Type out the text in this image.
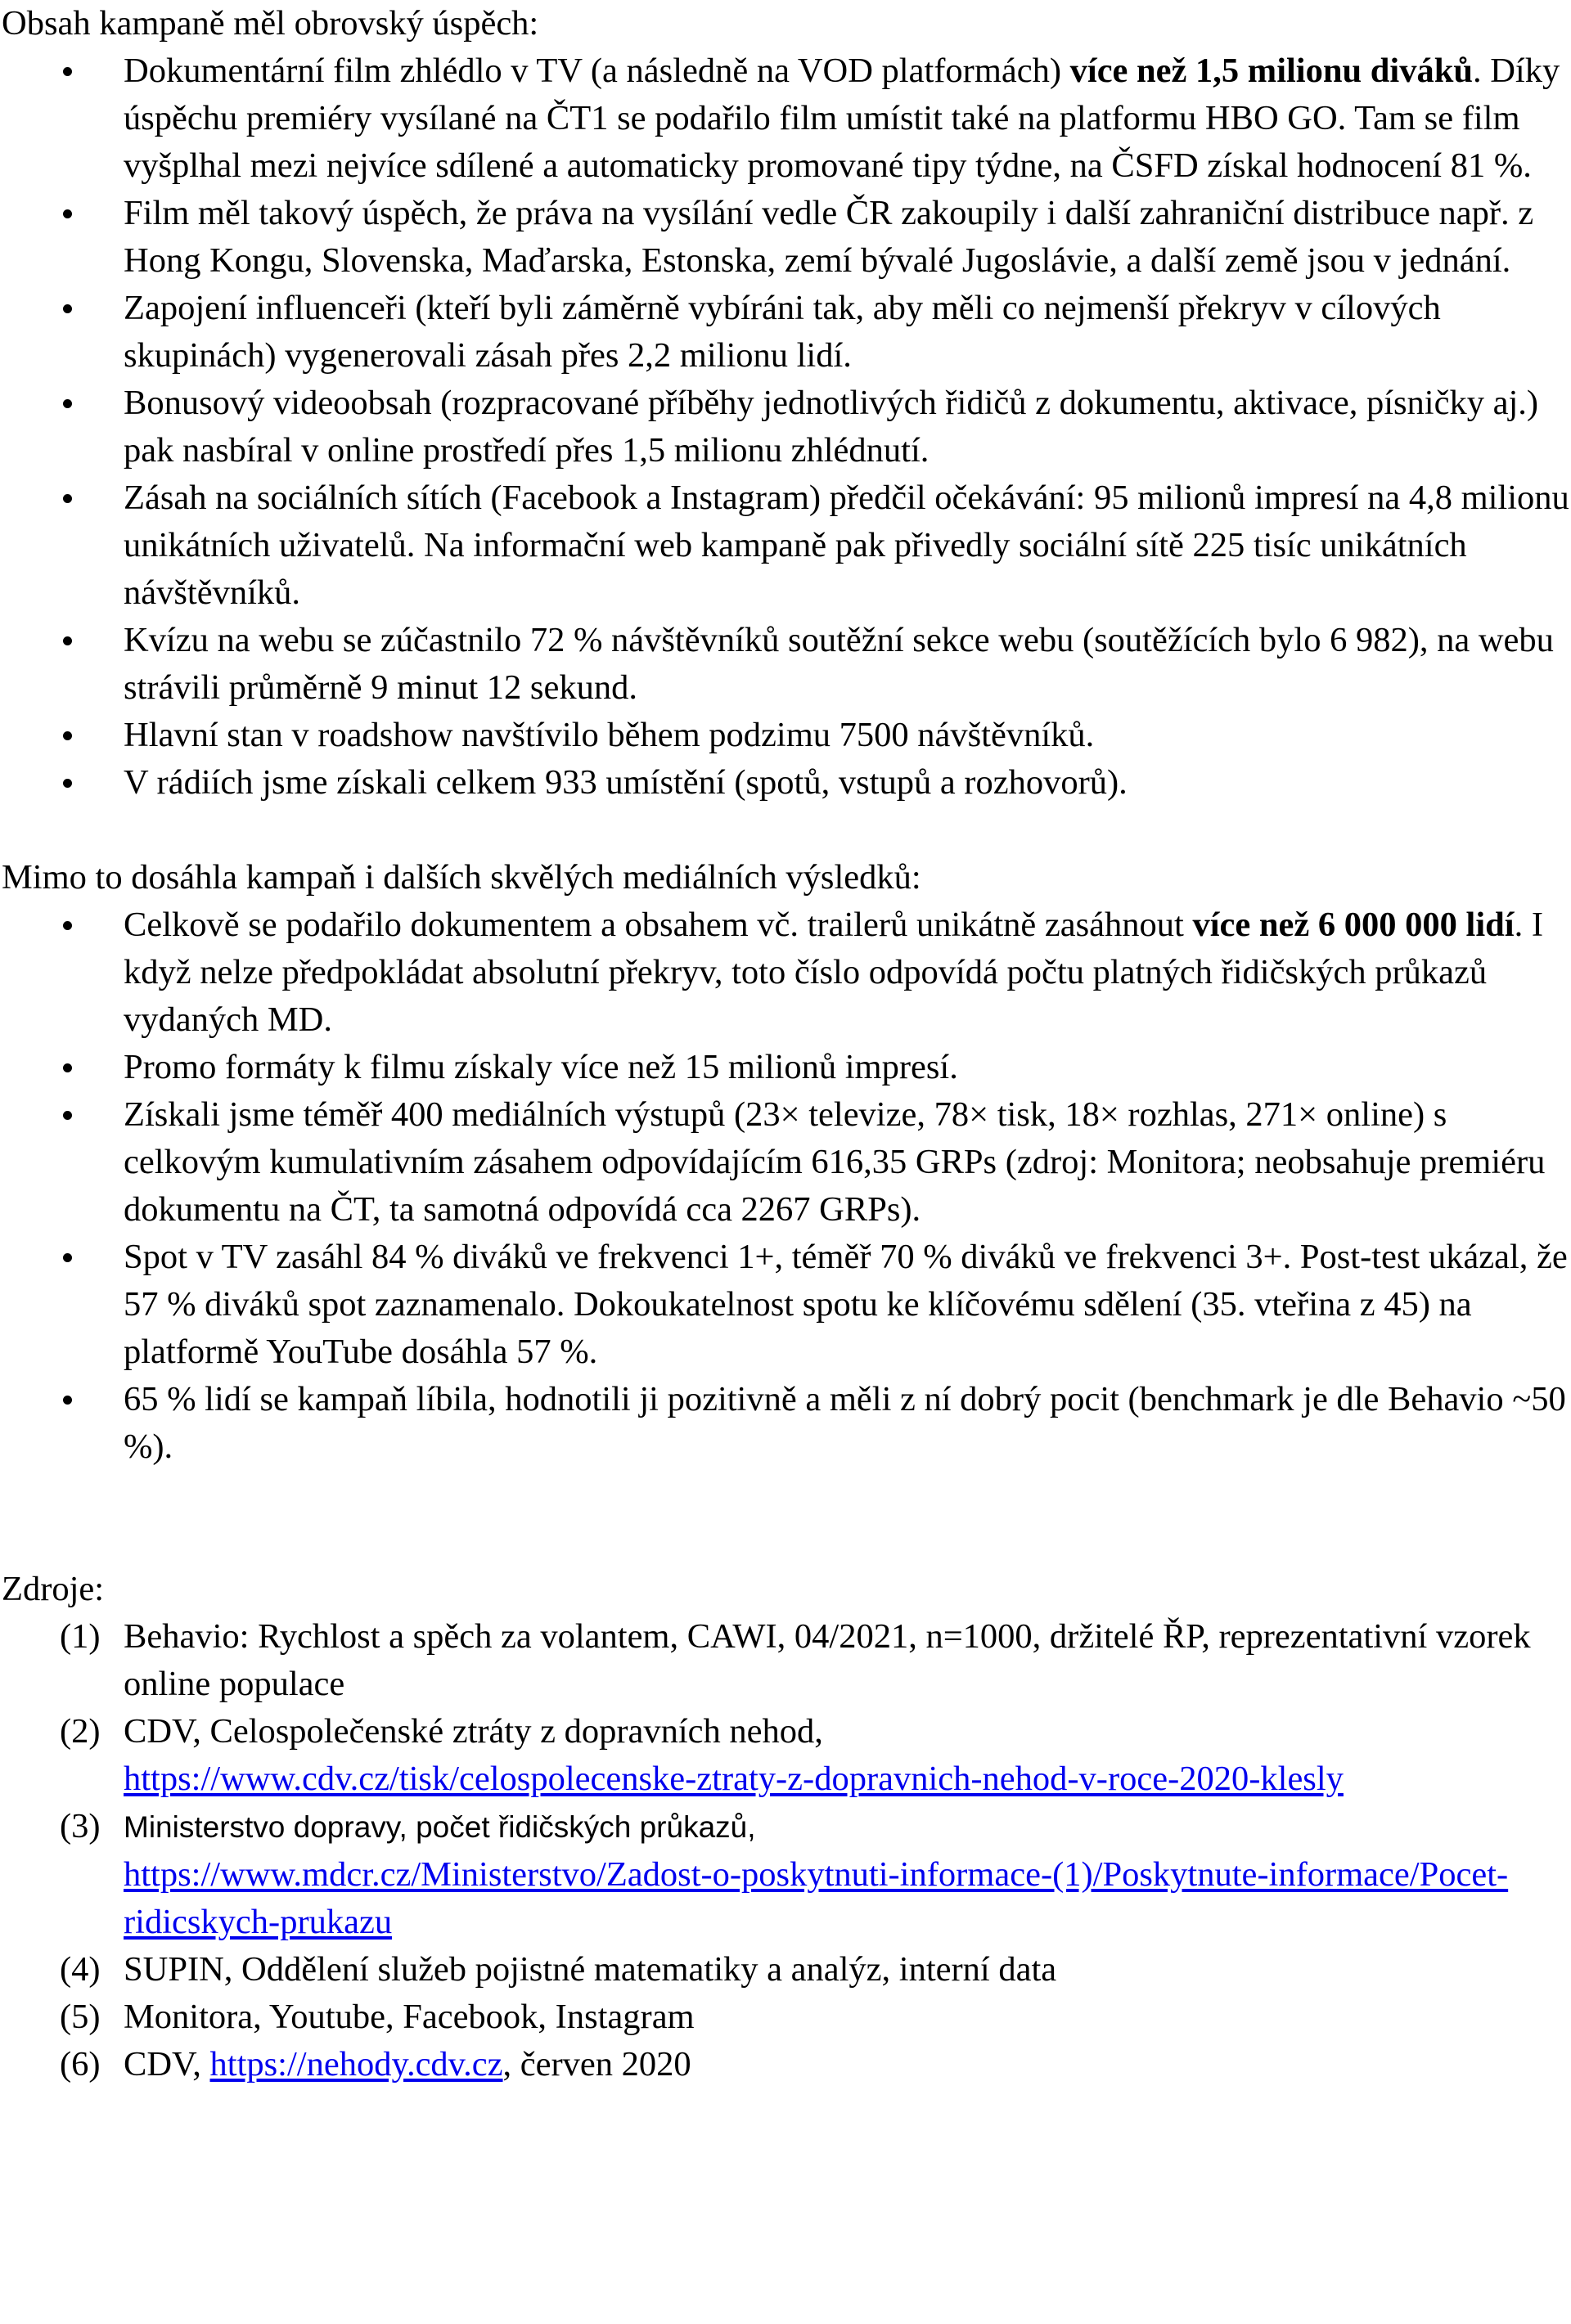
Obsah kampaně měl obrovský úspěch:

Dokumentární film zhlédlo v TV (a následně na VOD platformách) více než 1,5 milionu diváků. Díky úspěchu premiéry vysílané na ČT1 se podařilo film umístit také na platformu HBO GO. Tam se film vyšplhal mezi nejvíce sdílené a automaticky promované tipy týdne, na ČSFD získal hodnocení 81 %.
Film měl takový úspěch, že práva na vysílání vedle ČR zakoupily i další zahraniční distribuce např. z Hong Kongu, Slovenska, Maďarska, Estonska, zemí bývalé Jugoslávie, a další země jsou v jednání.
Zapojení influenceři (kteří byli záměrně vybíráni tak, aby měli co nejmenší překryv v cílových skupinách) vygenerovali zásah přes 2,2 milionu lidí.
Bonusový videoobsah (rozpracované příběhy jednotlivých řidičů z dokumentu, aktivace, písničky aj.) pak nasbíral v online prostředí přes 1,5 milionu zhlédnutí.
Zásah na sociálních sítích (Facebook a Instagram) předčil očekávání: 95 milionů impresí na 4,8 milionu unikátních uživatelů. Na informační web kampaně pak přivedly sociální sítě 225 tisíc unikátních návštěvníků.
Kvízu na webu se zúčastnilo 72 % návštěvníků soutěžní sekce webu (soutěžících bylo 6 982), na webu strávili průměrně 9 minut 12 sekund.
Hlavní stan v roadshow navštívilo během podzimu 7500 návštěvníků.
V rádiích jsme získali celkem 933 umístění (spotů, vstupů a rozhovorů).

Mimo to dosáhla kampaň i dalších skvělých mediálních výsledků:

Celkově se podařilo dokumentem a obsahem vč. trailerů unikátně zasáhnout více než 6 000 000 lidí. I když nelze předpokládat absolutní překryv, toto číslo odpovídá počtu platných řidičských průkazů vydaných MD.
Promo formáty k filmu získaly více než 15 milionů impresí.
Získali jsme téměř 400 mediálních výstupů (23× televize, 78× tisk, 18× rozhlas, 271× online) s celkovým kumulativním zásahem odpovídajícím 616,35 GRPs (zdroj: Monitora; neobsahuje premiéru dokumentu na ČT, ta samotná odpovídá cca 2267 GRPs).
Spot v TV zasáhl 84 % diváků ve frekvenci 1+, téměř 70 % diváků ve frekvenci 3+. Post-test ukázal, že 57 % diváků spot zaznamenalo. Dokoukatelnost spotu ke klíčovému sdělení (35. vteřina z 45) na platformě YouTube dosáhla 57 %.
65 % lidí se kampaň líbila, hodnotili ji pozitivně a měli z ní dobrý pocit (benchmark je dle Behavio ~50 %).

Zdroje:

(1) Behavio: Rychlost a spěch za volantem, CAWI, 04/2021, n=1000, držitelé ŘP, reprezentativní vzorek online populace
(2) CDV, Celospolečenské ztráty z dopravních nehod,
https://www.cdv.cz/tisk/celospolecenske-ztraty-z-dopravnich-nehod-v-roce-2020-klesly
(3) Ministerstvo dopravy, počet řidičských průkazů,
https://www.mdcr.cz/Ministerstvo/Zadost-o-poskytnuti-informace-(1)/Poskytnute-informace/Pocet-ridicskych-prukazu
(4) SUPIN, Oddělení služeb pojistné matematiky a analýz, interní data
(5) Monitora, Youtube, Facebook, Instagram
(6) CDV, https://nehody.cdv.cz, červen 2020
